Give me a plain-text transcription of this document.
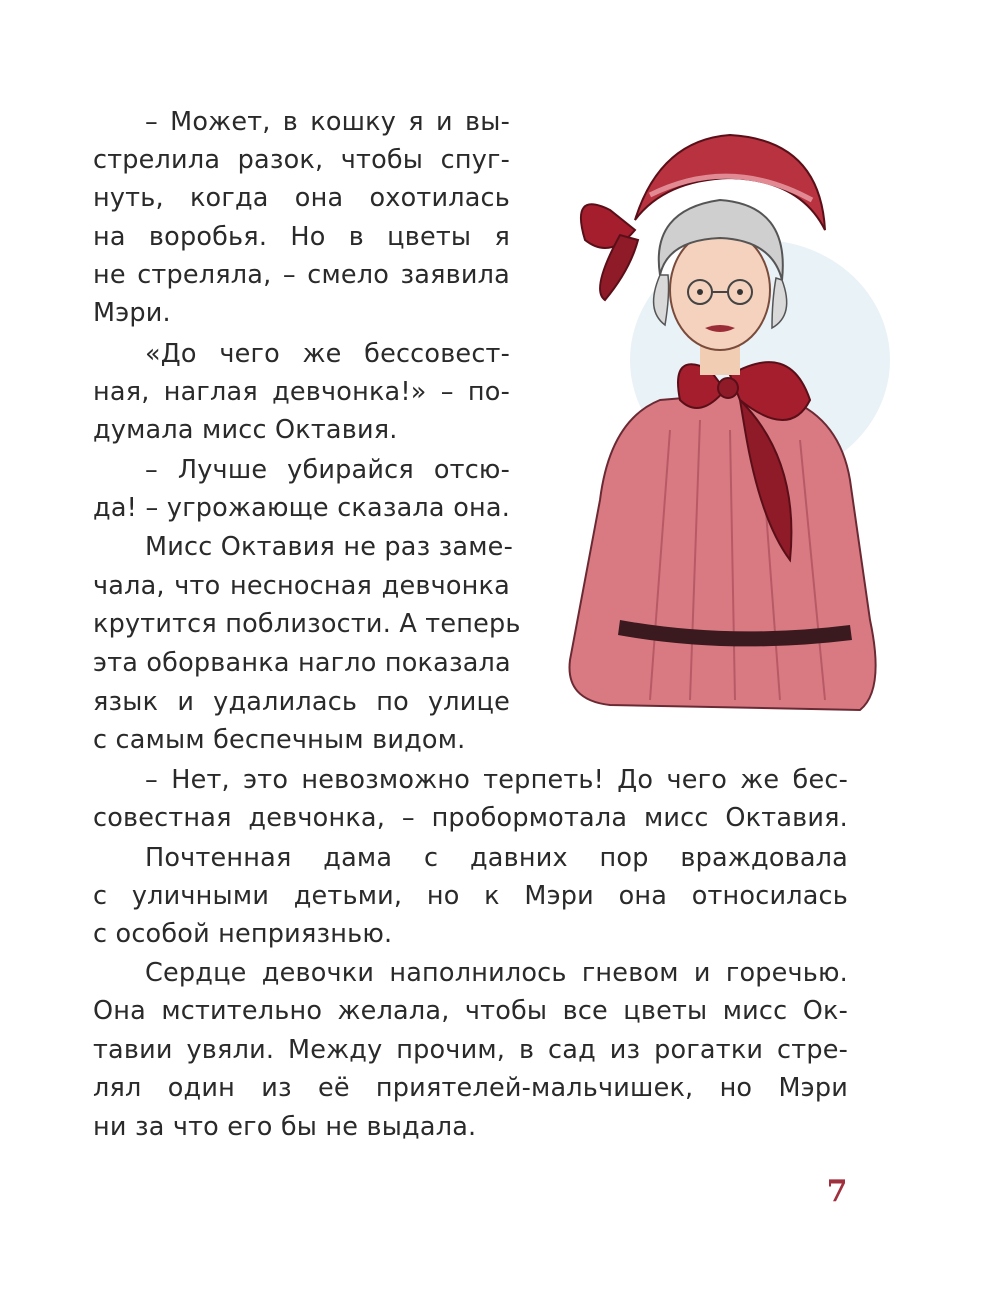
– Может, в кошку я и вы-
стрелила разок, чтобы спуг-
нуть, когда она охотилась
на воробья. Но в цветы я
не стреляла, – смело заявила
Мэри.
«До чего же бессовест-
ная, наглая девчонка!» – по-
думала мисс Октавия.
– Лучше убирайся отсю-
да! – угрожающе сказала она.
Мисс Октавия не раз заме-
чала, что несносная девчонка
крутится поблизости. А теперь
эта оборванка нагло показала
язык и удалилась по улице
с самым беспечным видом.
– Нет, это невозможно терпеть! До чего же бес-
совестная девчонка, – пробормотала мисс Октавия.
Почтенная дама с давних пор враждовала
с уличными детьми, но к Мэри она относилась
с особой неприязнью.
Сердце девочки наполнилось гневом и горечью.
Она мстительно желала, чтобы все цветы мисс Ок-
тавии увяли. Между прочим, в сад из рогатки стре-
лял один из её приятелей-мальчишек, но Мэри
ни за что его бы не выдала.
7
